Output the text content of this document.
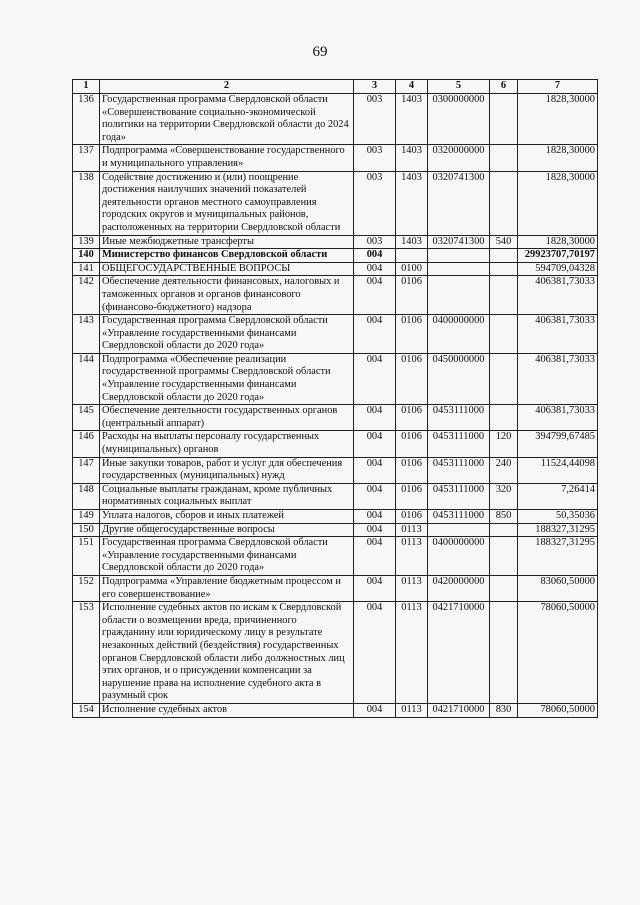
69
1	2	3	4	5	6	7
136	Государственная программа Свердловской области «Совершенствование социально-экономической политики на территории Свердловской области до 2024 года»	003	1403	0300000000		1828,30000
137	Подпрограмма «Совершенствование государственного и муниципального управления»	003	1403	0320000000		1828,30000
138	Содействие достижению и (или) поощрение достижения наилучших значений показателей деятельности органов местного самоуправления городских округов и муниципальных районов, расположенных на территории Свердловской области	003	1403	0320741300		1828,30000
139	Иные межбюджетные трансферты	003	1403	0320741300	540	1828,30000
140	Министерство финансов Свердловской области	004				29923707,70197
141	ОБЩЕГОСУДАРСТВЕННЫЕ ВОПРОСЫ	004	0100			594709,04328
142	Обеспечение деятельности финансовых, налоговых и таможенных органов и органов финансового (финансово-бюджетного) надзора	004	0106			406381,73033
143	Государственная программа Свердловской области «Управление государственными финансами Свердловской области до 2020 года»	004	0106	0400000000		406381,73033
144	Подпрограмма «Обеспечение реализации государственной программы Свердловской области «Управление государственными финансами Свердловской области до 2020 года»	004	0106	0450000000		406381,73033
145	Обеспечение деятельности государственных органов (центральный аппарат)	004	0106	0453111000		406381,73033
146	Расходы на выплаты персоналу государственных (муниципальных) органов	004	0106	0453111000	120	394799,67485
147	Иные закупки товаров, работ и услуг для обеспечения государственных (муниципальных) нужд	004	0106	0453111000	240	11524,44098
148	Социальные выплаты гражданам, кроме публичных нормативных социальных выплат	004	0106	0453111000	320	7,26414
149	Уплата налогов, сборов и иных платежей	004	0106	0453111000	850	50,35036
150	Другие общегосударственные вопросы	004	0113			188327,31295
151	Государственная программа Свердловской области «Управление государственными финансами Свердловской области до 2020 года»	004	0113	0400000000		188327,31295
152	Подпрограмма «Управление бюджетным процессом и его совершенствование»	004	0113	0420000000		83060,50000
153	Исполнение судебных актов по искам к Свердловской области о возмещении вреда, причиненного гражданину или юридическому лицу в результате незаконных действий (бездействия) государственных органов Свердловской области либо должностных лиц этих органов, и о присуждении компенсации за нарушение права на исполнение судебного акта в разумный срок	004	0113	0421710000		78060,50000
154	Исполнение судебных актов	004	0113	0421710000	830	78060,50000
